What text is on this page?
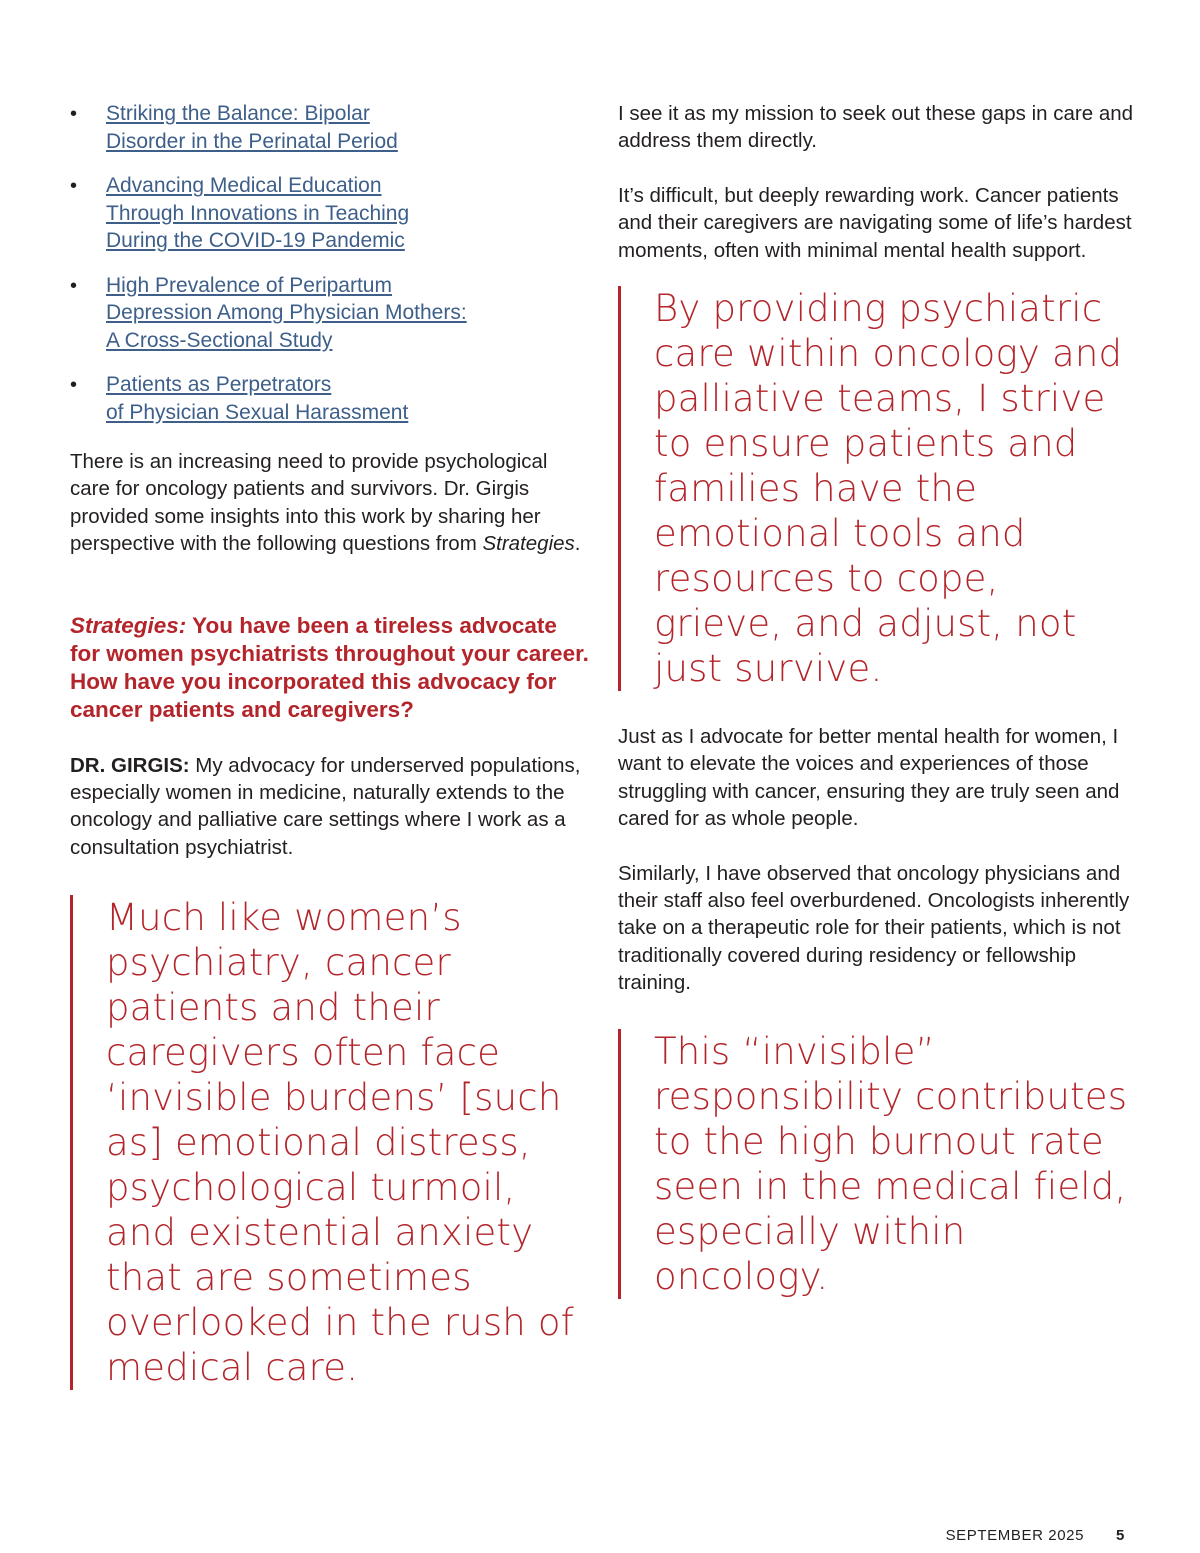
• Striking the Balance: Bipolar
Disorder in the Perinatal Period
• Advancing Medical Education
Through Innovations in Teaching
During the COVID-19 Pandemic
• High Prevalence of Peripartum
Depression Among Physician Mothers:
A Cross-Sectional Study
• Patients as Perpetrators
of Physician Sexual Harassment

There is an increasing need to provide psychological care for oncology patients and survivors. Dr. Girgis provided some insights into this work by sharing her perspective with the following questions from Strategies.

Strategies: You have been a tireless advocate for women psychiatrists throughout your career. How have you incorporated this advocacy for cancer patients and caregivers?

DR. GIRGIS: My advocacy for underserved populations, especially women in medicine, naturally extends to the oncology and palliative care settings where I work as a consultation psychiatrist.

Much like women’s psychiatry, cancer patients and their caregivers often face ‘invisible burdens’ [such as] emotional distress, psychological turmoil, and existential anxiety that are sometimes overlooked in the rush of medical care.

I see it as my mission to seek out these gaps in care and address them directly.

It’s difficult, but deeply rewarding work. Cancer patients and their caregivers are navigating some of life’s hardest moments, often with minimal mental health support.

By providing psychiatric care within oncology and palliative teams, I strive to ensure patients and families have the emotional tools and resources to cope, grieve, and adjust, not just survive.

Just as I advocate for better mental health for women, I want to elevate the voices and experiences of those struggling with cancer, ensuring they are truly seen and cared for as whole people.

Similarly, I have observed that oncology physicians and their staff also feel overburdened. Oncologists inherently take on a therapeutic role for their patients, which is not traditionally covered during residency or fellowship training.

This “invisible” responsibility contributes to the high burnout rate seen in the medical field, especially within oncology.
SEPTEMBER 2025 5
